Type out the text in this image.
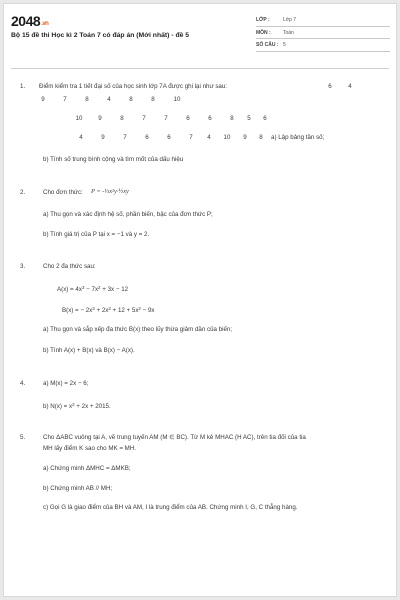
2048.vn
Bộ 15 đề thi Học kì 2 Toán 7 có đáp án (Mới nhất) - đề 5
LỚP :	Lớp 7
MÔN :	Toán
SỐ CÂU : 5
1. Điểm kiểm tra 1 tiết đại số của học sinh lớp 7A được ghi lại như sau:	6	4
9	7	8	4	8	8	10
10	9	8	7	7	6	6	8	5	6
4	9	7	6	6	7	4	10	9	8	a) Lập bảng tần số;
b) Tính số trung bình cộng và tìm mốt của dấu hiệu
2.	Cho đơn thức: P = -⅓x²y·½xy
a) Thu gọn và xác định hệ số, phần biến, bậc của đơn thức P;
b) Tính giá trị của P tại x = −1 và y = 2.
3.	Cho 2 đa thức sau:
$A(x) = 4x^3 - 7x^2 + 3x - 12$
B(x) = − $2x^3 + 2x^2 + 12 + 5x^2 - 9x$
a) Thu gọn và sắp xếp đa thức B(x) theo lũy thừa giảm dần của biến;
b) Tính A(x) + B(x) và B(x) − A(x).
4.	a) M(x) = 2x − 6;
b) $N(x) = x^2 + 2x + 2015$.
5.	Cho ΔABC vuông tại A, vẽ trung tuyến AM (M ∈ BC). Từ M kẻ MHAC (H AC), trên tia đối của tia
MH lấy điểm K sao cho MK = MH.
a) Chứng minh ΔMHC = ΔMKB;
b) Chứng minh AB // MH;
c) Gọi G là giao điểm của BH và AM, I là trung điểm của AB. Chứng minh I, G, C thẳng hàng.
